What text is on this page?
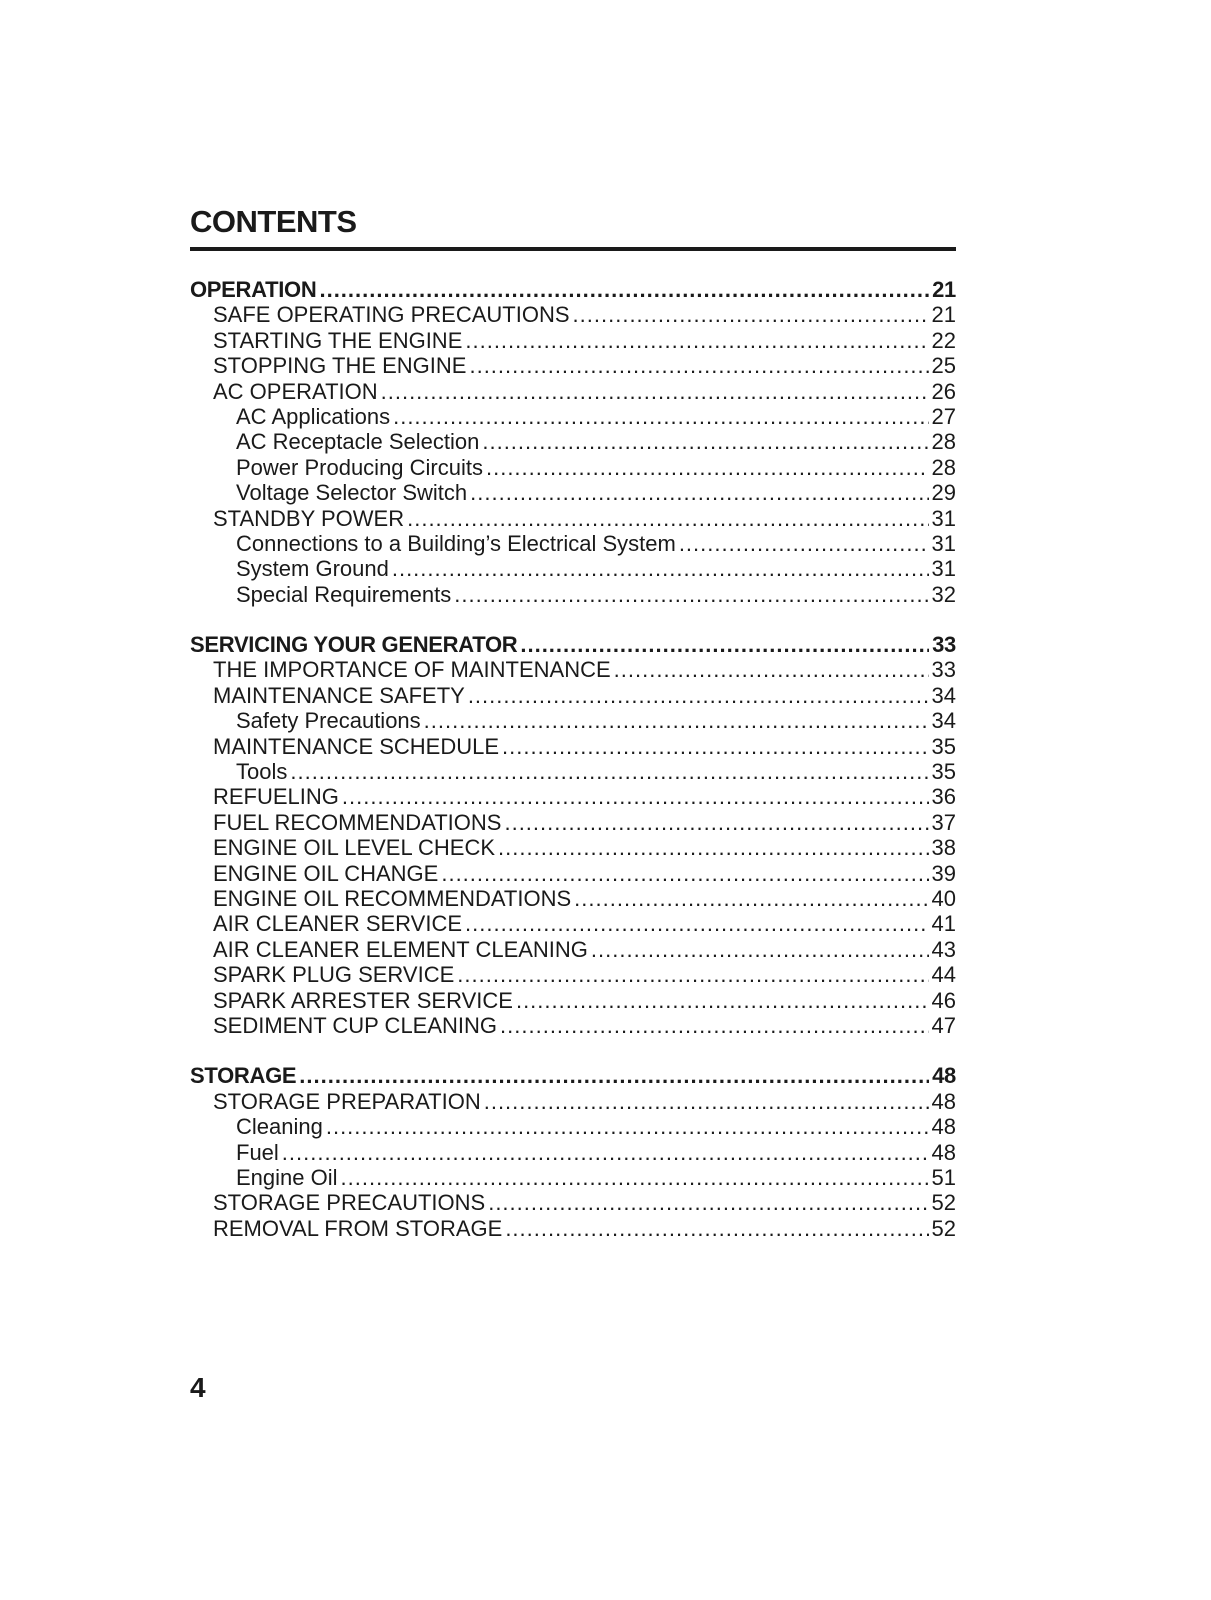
CONTENTS
OPERATION .....	21
SAFE OPERATING PRECAUTIONS .....	21
STARTING THE ENGINE .....	22
STOPPING THE ENGINE .....	25
AC OPERATION .....	26
AC Applications .....	27
AC Receptacle Selection .....	28
Power Producing Circuits .....	28
Voltage Selector Switch .....	29
STANDBY POWER .....	31
Connections to a Building’s Electrical System .....	31
System Ground .....	31
Special Requirements .....	32
SERVICING YOUR GENERATOR .....	33
THE IMPORTANCE OF MAINTENANCE .....	33
MAINTENANCE SAFETY .....	34
Safety Precautions .....	34
MAINTENANCE SCHEDULE .....	35
Tools .....	35
REFUELING .....	36
FUEL RECOMMENDATIONS .....	37
ENGINE OIL LEVEL CHECK .....	38
ENGINE OIL CHANGE .....	39
ENGINE OIL RECOMMENDATIONS .....	40
AIR CLEANER SERVICE .....	41
AIR CLEANER ELEMENT CLEANING .....	43
SPARK PLUG SERVICE .....	44
SPARK ARRESTER SERVICE .....	46
SEDIMENT CUP CLEANING .....	47
STORAGE .....	48
STORAGE PREPARATION .....	48
Cleaning .....	48
Fuel .....	48
Engine Oil .....	51
STORAGE PRECAUTIONS .....	52
REMOVAL FROM STORAGE .....	52
4
